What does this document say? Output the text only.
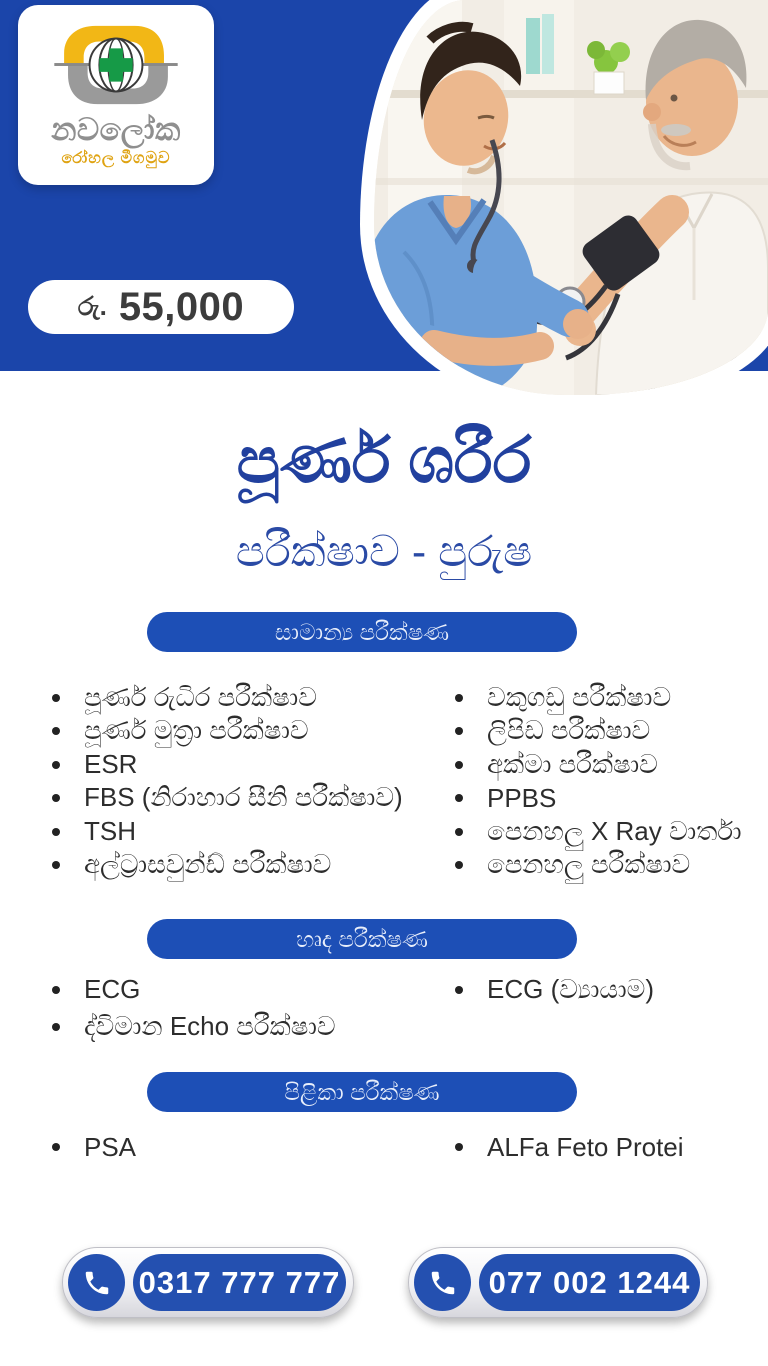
නවලෝක
රෝහල මීගමුව
රු. 55,000
පූර්ණ ශරීර
පරීක්ෂාව - පුරුෂ
සාමාන්‍ය පරීක්ෂණ
පූර්ණ රුධිර පරීක්ෂාව
පූර්ණ මුත්‍රා පරීක්ෂාව
ESR
FBS (නිරාහාර සීනි පරීක්ෂාව)
TSH
අල්ට්‍රාසවුන්ඩ් පරීක්ෂාව
වකුගඩු පරීක්ෂාව
ලිපිඩ පරීක්ෂාව
අක්මා පරීක්ෂාව
PPBS
පෙනහලු X Ray වාර්තා
පෙනහලු පරීක්ෂාව
හෘද පරීක්ෂණ
ECG
ද්විමාන Echo පරීක්ෂාව
ECG (ව්‍යායාම)
පිළිකා පරීක්ෂණ
PSA	ALFa Feto Protei
0317 777 777	077 002 1244
